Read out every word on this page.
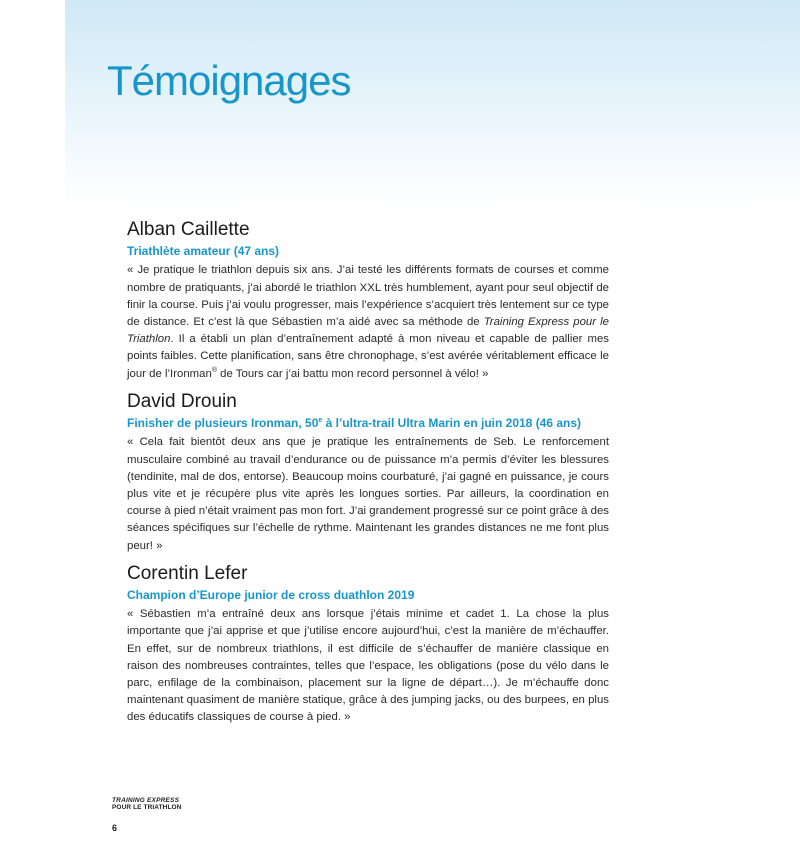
Témoignages
Alban Caillette
Triathlète amateur (47 ans)

« Je pratique le triathlon depuis six ans. J’ai testé les différents formats de courses et comme nombre de pratiquants, j’ai abordé le triathlon XXL très humblement, ayant pour seul objectif de finir la course. Puis j’ai voulu progresser, mais l’expérience s’acquiert très lentement sur ce type de distance. Et c’est là que Sébastien m’a aidé avec sa méthode de Training Express pour le Triathlon. Il a établi un plan d’entraînement adapté à mon niveau et capable de pallier mes points faibles. Cette planification, sans être chronophage, s’est avérée véritablement efficace le jour de l’Ironman® de Tours car j’ai battu mon record personnel à vélo! »

David Drouin
Finisher de plusieurs Ironman, 50e à l’ultra-trail Ultra Marin en juin 2018 (46 ans)

« Cela fait bientôt deux ans que je pratique les entraînements de Seb. Le renforcement musculaire combiné au travail d’endurance ou de puissance m’a permis d’éviter les blessures (tendinite, mal de dos, entorse). Beaucoup moins courbaturé, j’ai gagné en puissance, je cours plus vite et je récupère plus vite après les longues sorties. Par ailleurs, la coordination en course à pied n’était vraiment pas mon fort. J’ai grandement progressé sur ce point grâce à des séances spécifiques sur l’échelle de rythme. Maintenant les grandes distances ne me font plus peur! »

Corentin Lefer
Champion d’Europe junior de cross duathlon 2019

« Sébastien m’a entraîné deux ans lorsque j’étais minime et cadet 1. La chose la plus importante que j’ai apprise et que j’utilise encore aujourd’hui, c’est la manière de m’échauffer. En effet, sur de nombreux triathlons, il est difficile de s’échauffer de manière classique en raison des nombreuses contraintes, telles que l’espace, les obligations (pose du vélo dans le parc, enfilage de la combinaison, placement sur la ligne de départ…). Je m’échauffe donc maintenant quasiment de manière statique, grâce à des jumping jacks, ou des burpees, en plus des éducatifs classiques de course à pied. »

TRAINING EXPRESS
POUR LE TRIATHLON
6
